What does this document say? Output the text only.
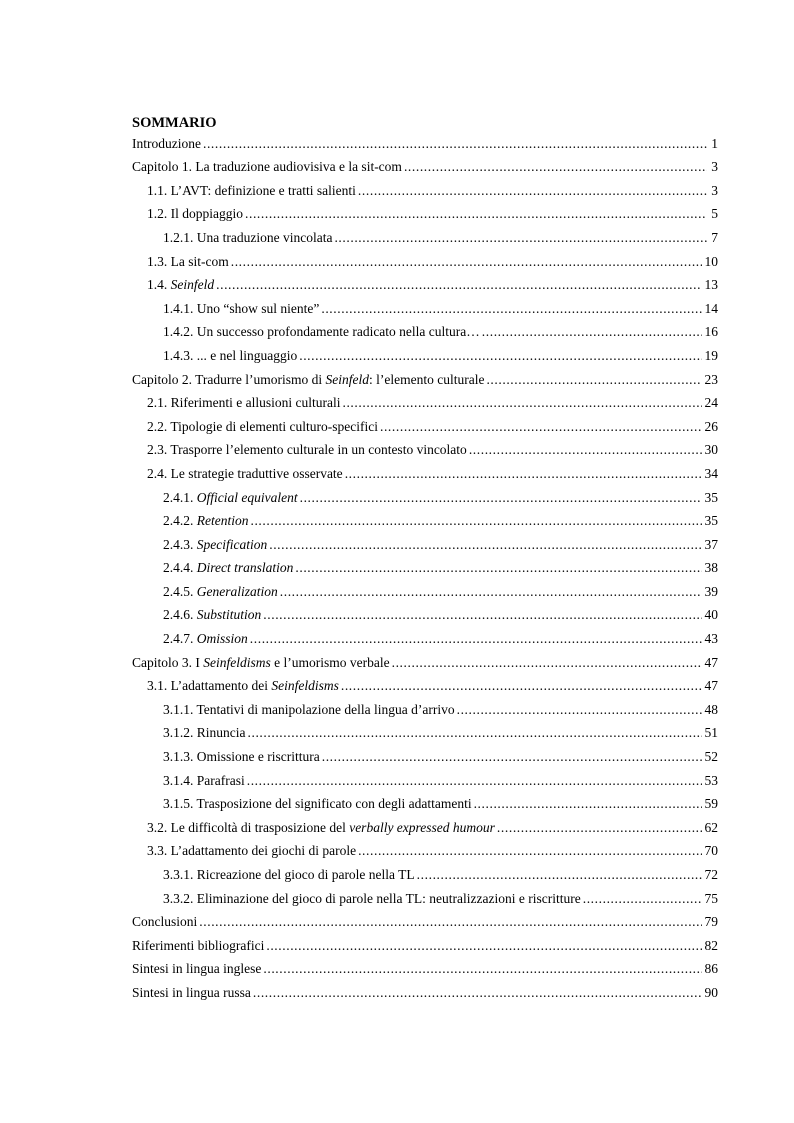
SOMMARIO
Introduzione .....	1
Capitolo 1. La traduzione audiovisiva e la sit-com .....	3
1.1. L’AVT: definizione e tratti salienti .....	3
1.2. Il doppiaggio .....	5
1.2.1. Una traduzione vincolata .....	7
1.3. La sit-com .....	10
1.4. Seinfeld .....	13
1.4.1. Uno “show sul niente” .....	14
1.4.2. Un successo profondamente radicato nella cultura… .....	16
1.4.3. ... e nel linguaggio .....	19
Capitolo 2. Tradurre l’umorismo di Seinfeld: l’elemento culturale .....	23
2.1. Riferimenti e allusioni culturali .....	24
2.2. Tipologie di elementi culturo-specifici .....	26
2.3. Trasporre l’elemento culturale in un contesto vincolato .....	30
2.4. Le strategie traduttive osservate .....	34
2.4.1. Official equivalent .....	35
2.4.2. Retention .....	35
2.4.3. Specification .....	37
2.4.4. Direct translation .....	38
2.4.5. Generalization .....	39
2.4.6. Substitution .....	40
2.4.7. Omission .....	43
Capitolo 3. I Seinfeldisms e l’umorismo verbale .....	47
3.1. L’adattamento dei Seinfeldisms .....	47
3.1.1. Tentativi di manipolazione della lingua d’arrivo .....	48
3.1.2. Rinuncia .....	51
3.1.3. Omissione e riscrittura .....	52
3.1.4. Parafrasi .....	53
3.1.5. Trasposizione del significato con degli adattamenti .....	59
3.2. Le difficoltà di trasposizione del verbally expressed humour .....	62
3.3. L’adattamento dei giochi di parole .....	70
3.3.1. Ricreazione del gioco di parole nella TL .....	72
3.3.2. Eliminazione del gioco di parole nella TL: neutralizzazioni e riscritture .....	75
Conclusioni .....	79
Riferimenti bibliografici .....	82
Sintesi in lingua inglese .....	86
Sintesi in lingua russa .....	90
